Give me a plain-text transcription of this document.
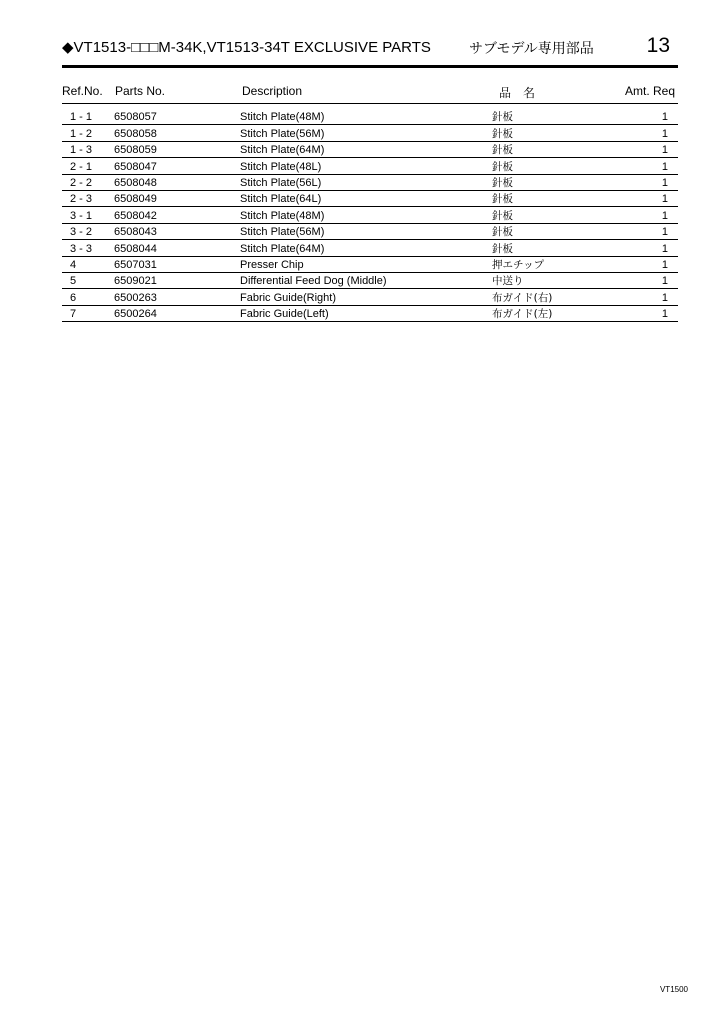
◆VT1513-□□□M-34K,VT1513-34T EXCLUSIVE PARTS	サブモデル専用部品	13
Ref.No. Parts No.	Description	品　名	Amt. Req
1 - 1	6508057	Stitch Plate(48M)	針板	1
1 - 2	6508058	Stitch Plate(56M)	針板	1
1 - 3	6508059	Stitch Plate(64M)	針板	1
2 - 1	6508047	Stitch Plate(48L)	針板	1
2 - 2	6508048	Stitch Plate(56L)	針板	1
2 - 3	6508049	Stitch Plate(64L)	針板	1
3 - 1	6508042	Stitch Plate(48M)	針板	1
3 - 2	6508043	Stitch Plate(56M)	針板	1
3 - 3	6508044	Stitch Plate(64M)	針板	1
4	6507031	Presser Chip	押エチップ	1
5	6509021	Differential Feed Dog (Middle)	中送り	1
6	6500263	Fabric Guide(Right)	布ガイド(右)	1
7	6500264	Fabric Guide(Left)	布ガイド(左)	1
VT1500
